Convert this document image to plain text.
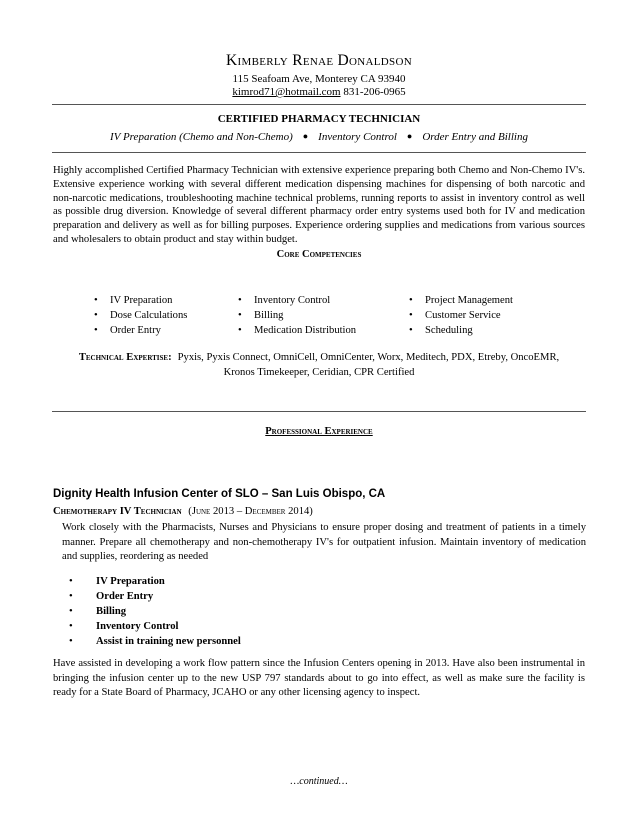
Kimberly Renae Donaldson
115 Seafoam Ave, Monterey CA 93940
kimrod71@hotmail.com 831-206-0965
CERTIFIED PHARMACY TECHNICIAN
IV Preparation (Chemo and Non-Chemo) ● Inventory Control ● Order Entry and Billing
Highly accomplished Certified Pharmacy Technician with extensive experience preparing both Chemo and Non-Chemo IV's. Extensive experience working with several different medication dispensing machines for dispensing of both narcotic and non-narcotic medications, troubleshooting machine technical problems, running reports to assist in inventory control as well as possible drug diversion. Knowledge of several different pharmacy order entry systems used both for IV and medication preparation and delivery as well as for billing purposes. Experience ordering supplies and medications from various sources and wholesalers to obtain product and stay within budget.
Core Competencies
• IV Preparation
• Dose Calculations
• Order Entry
• Inventory Control
• Billing
• Medication Distribution
• Project Management
• Customer Service
• Scheduling
Technical Expertise: Pyxis, Pyxis Connect, OmniCell, OmniCenter, Worx, Meditech, PDX, Etreby, OncoEMR,
Kronos Timekeeper, Ceridian, CPR Certified
Professional Experience
Dignity Health Infusion Center of SLO – San Luis Obispo, CA
Chemotherapy IV Technician (June 2013 – December 2014)
Work closely with the Pharmacists, Nurses and Physicians to ensure proper dosing and treatment of patients in a timely manner. Prepare all chemotherapy and non-chemotherapy IV's for outpatient infusion. Maintain inventory of medication and supplies, reordering as needed
• IV Preparation
• Order Entry
• Billing
• Inventory Control
• Assist in training new personnel
Have assisted in developing a work flow pattern since the Infusion Centers opening in 2013. Have also been instrumental in bringing the infusion center up to the new USP 797 standards about to go into effect, as well as make sure the facility is ready for a State Board of Pharmacy, JCAHO or any other licensing agency to inspect.
…continued…
